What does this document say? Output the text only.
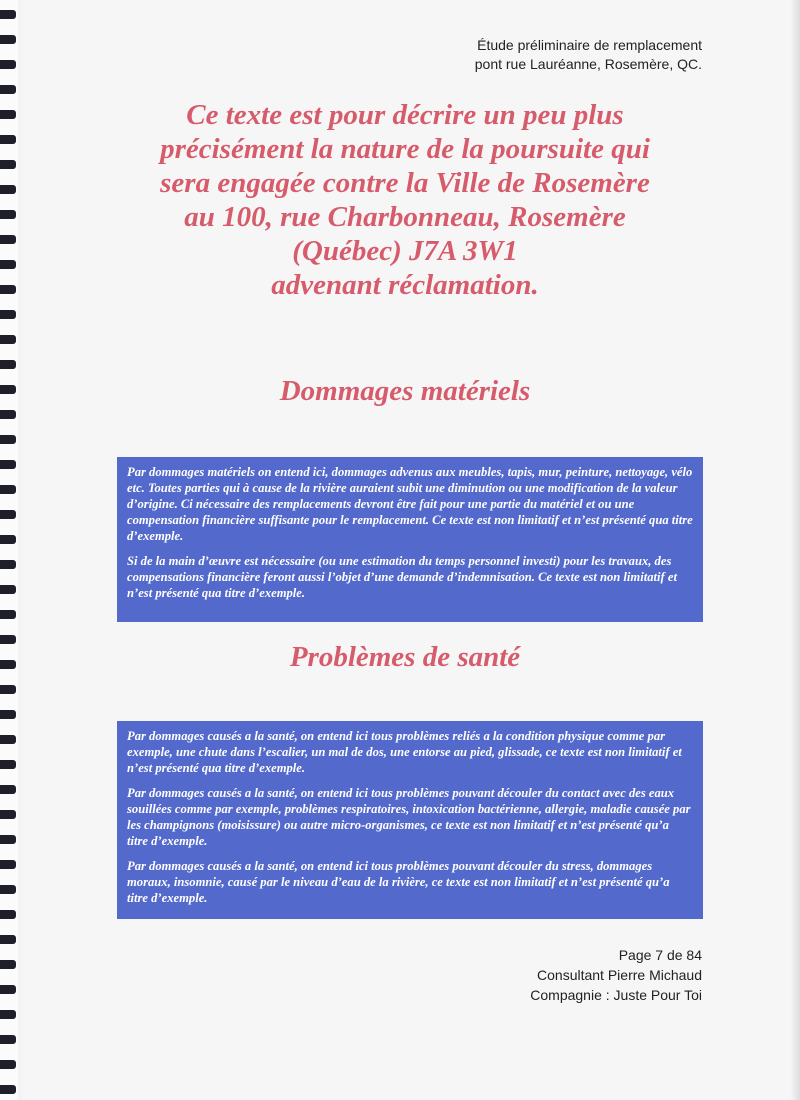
Étude préliminaire de remplacement
pont rue Lauréanne, Rosemère, QC.
Ce texte est pour décrire un peu plus
précisément la nature de la poursuite qui
sera engagée contre la Ville de Rosemère
au 100, rue Charbonneau, Rosemère
(Québec) J7A 3W1
advenant réclamation.
Dommages matériels

Par dommages matériels on entend ici, dommages advenus aux meubles, tapis, mur, peinture, nettoyage, vélo etc. Toutes parties qui à cause de la rivière auraient subit une diminution ou une modification de la valeur d’origine. Ci nécessaire des remplacements devront être fait pour une partie du matériel et ou une compensation financière suffisante pour le remplacement. Ce texte est non limitatif et n’est présenté qua titre d’exemple.

Si de la main d’œuvre est nécessaire (ou une estimation du temps personnel investi) pour les travaux, des compensations financière feront aussi l’objet d’une demande d’indemnisation. Ce texte est non limitatif et n’est présenté qua titre d’exemple.

Problèmes de santé

Par dommages causés a la santé, on entend ici tous problèmes reliés a la condition physique comme par exemple, une chute dans l’escalier, un mal de dos, une entorse au pied, glissade, ce texte est non limitatif et n’est présenté qua titre d’exemple.

Par dommages causés a la santé, on entend ici tous problèmes pouvant découler du contact avec des eaux souillées comme par exemple, problèmes respiratoires, intoxication bactérienne, allergie, maladie causée par les champignons (moisissure) ou autre micro-organismes, ce texte est non limitatif et n’est présenté qu’a titre d’exemple.

Par dommages causés a la santé, on entend ici tous problèmes pouvant découler du stress, dommages moraux, insomnie, causé par le niveau d’eau de la rivière, ce texte est non limitatif et n’est présenté qu’a titre d’exemple.

Page 7 de 84
Consultant Pierre Michaud
Compagnie : Juste Pour Toi
